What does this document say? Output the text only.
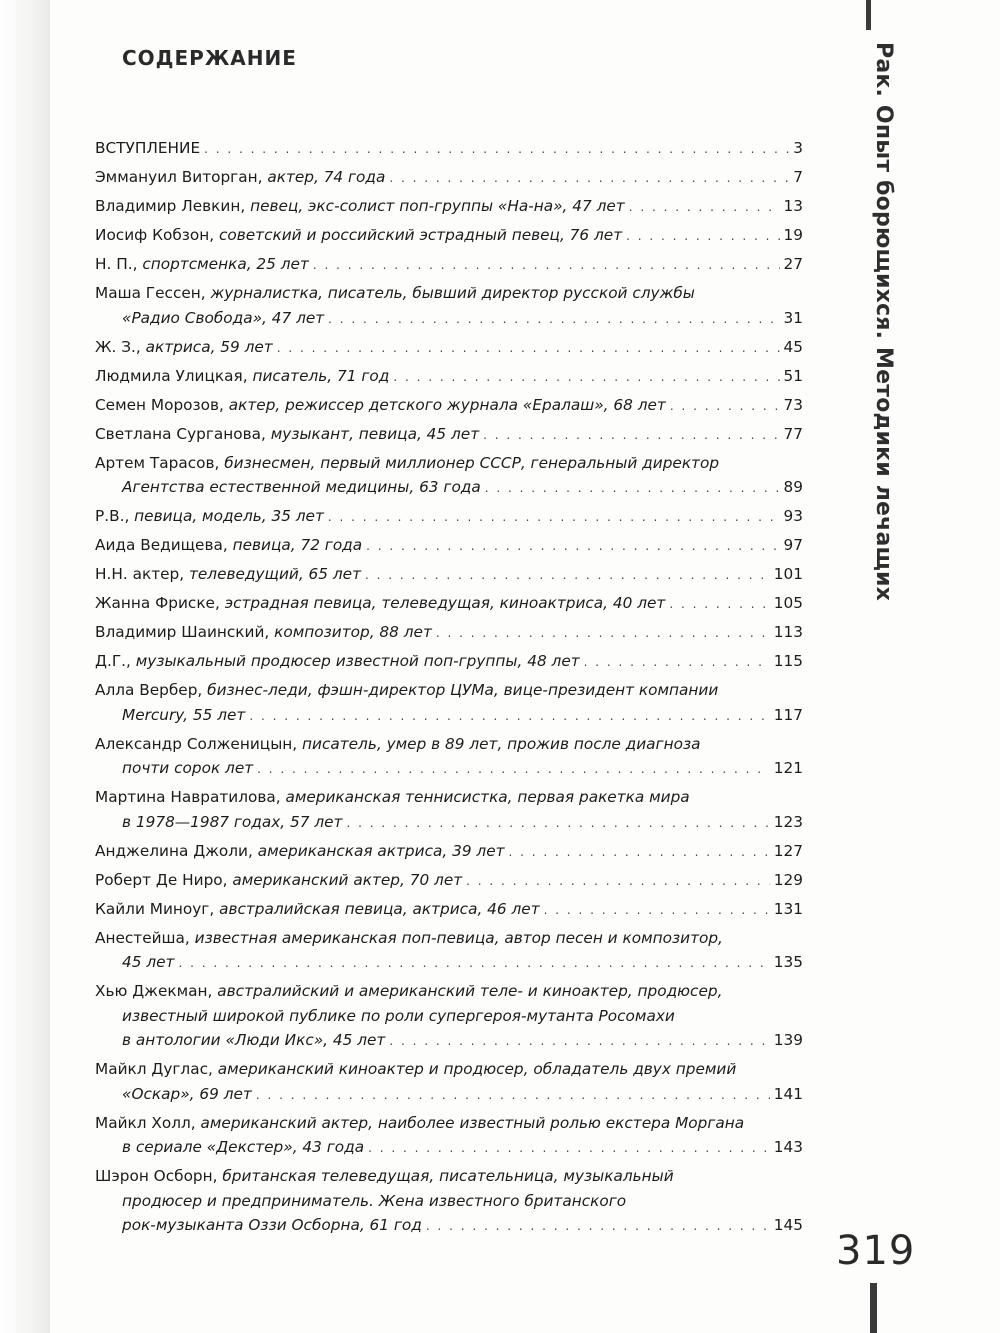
СОДЕРЖАНИЕ
ВСТУПЛЕНИЕ . . .	3
Эммануил Виторган, актер, 74 года . . .	7
Владимир Левкин, певец, экс-солист поп-группы «На-на», 47 лет . . .	13
Иосиф Кобзон, советский и российский эстрадный певец, 76 лет . . .	19
Н. П., спортсменка, 25 лет . . .	27
Маша Гессен, журналистка, писатель, бывший директор русской службы
«Радио Свобода», 47 лет . . .	31
Ж. З., актриса, 59 лет . . .	45
Людмила Улицкая, писатель, 71 год . . .	51
Семен Морозов, актер, режиссер детского журнала «Ералаш», 68 лет . . .	73
Светлана Сурганова, музыкант, певица, 45 лет . . .	77
Артем Тарасов, бизнесмен, первый миллионер СССР, генеральный директор
Агентства естественной медицины, 63 года . . .	89
Р.В., певица, модель, 35 лет . . .	93
Аида Ведищева, певица, 72 года . . .	97
Н.Н. актер, телеведущий, 65 лет . . .	101
Жанна Фриске, эстрадная певица, телеведущая, киноактриса, 40 лет . . .	105
Владимир Шаинский, композитор, 88 лет . . .	113
Д.Г., музыкальный продюсер известной поп-группы, 48 лет . . .	115
Алла Вербер, бизнес-леди, фэшн-директор ЦУМа, вице-президент компании
Mercury, 55 лет . . .	117
Александр Солженицын, писатель, умер в 89 лет, прожив после диагноза
почти сорок лет . . .	121
Мартина Навратилова, американская теннисистка, первая ракетка мира
в 1978—1987 годах, 57 лет . . .	123
Анджелина Джоли, американская актриса, 39 лет . . .	127
Роберт Де Ниро, американский актер, 70 лет . . .	129
Кайли Миноуг, австралийская певица, актриса, 46 лет . . .	131
Анестейша, известная американская поп-певица, автор песен и композитор,
45 лет . . .	135
Хью Джекман, австралийский и американский теле- и киноактер, продюсер,
известный широкой публике по роли супергероя-мутанта Росомахи
в антологии «Люди Икс», 45 лет . . .	139
Майкл Дуглас, американский киноактер и продюсер, обладатель двух премий
«Оскар», 69 лет . . .	141
Майкл Холл, американский актер, наиболее известный ролью екстера Моргана
в сериале «Декстер», 43 года . . .	143
Шэрон Осборн, британская телеведущая, писательница, музыкальный
продюсер и предприниматель. Жена известного британского
рок-музыканта Оззи Осборна, 61 год . . .	145
Рак. Опыт борющихся. Методики лечащих
319
